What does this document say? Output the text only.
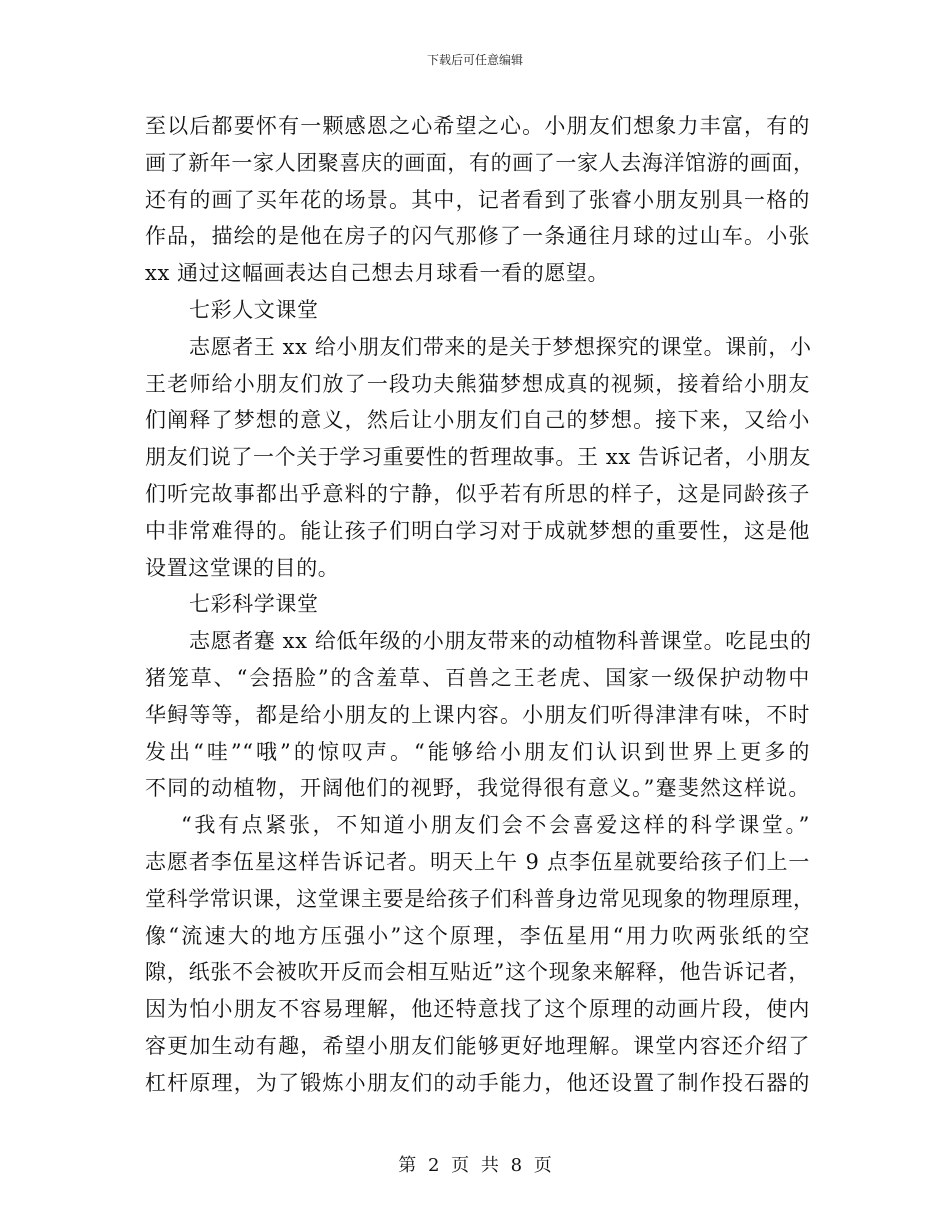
下载后可任意编辑
至以后都要怀有一颗感恩之心希望之心。小朋友们想象力丰富，有的
画了新年一家人团聚喜庆的画面，有的画了一家人去海洋馆游的画面，
还有的画了买年花的场景。其中，记者看到了张睿小朋友别具一格的
作品，描绘的是他在房子的闪气那修了一条通往月球的过山车。小张
xx 通过这幅画表达自己想去月球看一看的愿望。
七彩人文课堂
志愿者王 xx 给小朋友们带来的是关于梦想探究的课堂。课前，小
王老师给小朋友们放了一段功夫熊猫梦想成真的视频，接着给小朋友
们阐释了梦想的意义，然后让小朋友们自己的梦想。接下来，又给小
朋友们说了一个关于学习重要性的哲理故事。王 xx 告诉记者，小朋友
们听完故事都出乎意料的宁静，似乎若有所思的样子，这是同龄孩子
中非常难得的。能让孩子们明白学习对于成就梦想的重要性，这是他
设置这堂课的目的。
七彩科学课堂
志愿者蹇 xx 给低年级的小朋友带来的动植物科普课堂。吃昆虫的
猪笼草、“会捂脸”的含羞草、百兽之王老虎、国家一级保护动物中
华鲟等等，都是给小朋友的上课内容。小朋友们听得津津有味，不时
发出“哇”“哦”的惊叹声。“能够给小朋友们认识到世界上更多的
不同的动植物，开阔他们的视野，我觉得很有意义。”蹇斐然这样说。
“我有点紧张，不知道小朋友们会不会喜爱这样的科学课堂。”
志愿者李伍星这样告诉记者。明天上午 9 点李伍星就要给孩子们上一
堂科学常识课，这堂课主要是给孩子们科普身边常见现象的物理原理，
像“流速大的地方压强小”这个原理，李伍星用“用力吹两张纸的空
隙，纸张不会被吹开反而会相互贴近”这个现象来解释，他告诉记者，
因为怕小朋友不容易理解，他还特意找了这个原理的动画片段，使内
容更加生动有趣，希望小朋友们能够更好地理解。课堂内容还介绍了
杠杆原理，为了锻炼小朋友们的动手能力，他还设置了制作投石器的
第 2 页 共 8 页
